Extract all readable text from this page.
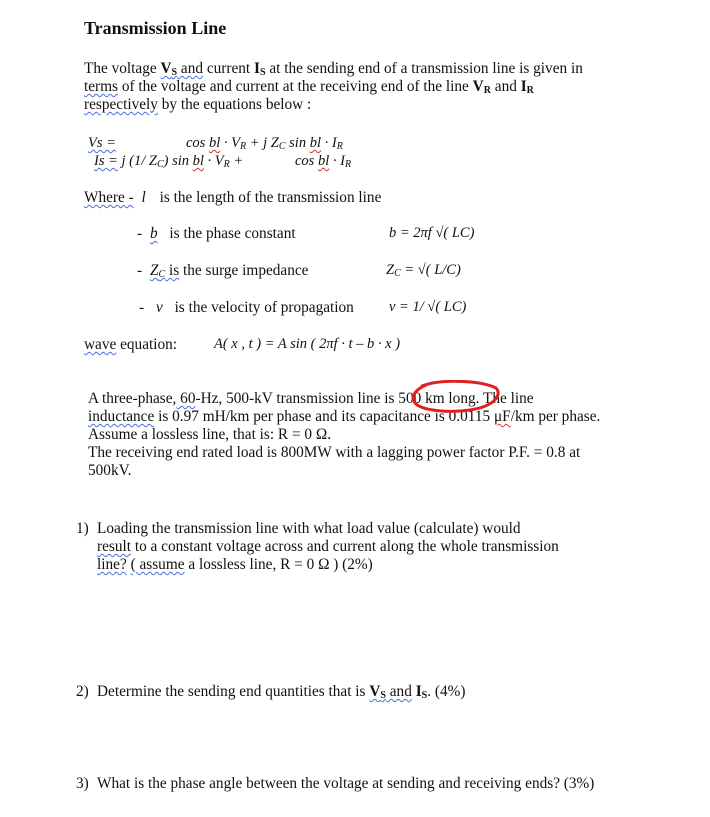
Transmission Line
The voltage $V_S$ and current $I_S$ at the sending end of a transmission line is given in
terms of the voltage and current at the receiving end of the line $V_R$ and $I_R$
respectively by the equations below :
Vs =	cos bl · $V_R + j$ $Z_C$ sin bl · $I_R$
Is = j (1/ $Z_C$) sin bl · $V_R$ +	cos bl · $I_R$
Where - l is the length of the transmission line
- b is the phase constant	b = 2πf √( LC)
- $Z_C$ is the surge impedance	$Z_C$ = √( L/C)
- v is the velocity of propagation v = 1/ √( LC)
wave equation:	A( x , t ) = A sin ( 2πf · t – b · x )
A three-phase, 60-Hz, 500-kV transmission line is 500 km long. The line
inductance is 0.97 mH/km per phase and its capacitance is 0.0115 μF/km per phase.
Assume a lossless line, that is: R = 0 Ω.
The receiving end rated load is 800MW with a lagging power factor P.F. = 0.8 at
500kV.
1) Loading the transmission line with what load value (calculate) would
result to a constant voltage across and current along the whole transmission
line? ( assume a lossless line, R = 0 Ω ) (2%)
2) Determine the sending end quantities that is $V_S$ and $I_S$. (4%)
3) What is the phase angle between the voltage at sending and receiving ends? (3%)
